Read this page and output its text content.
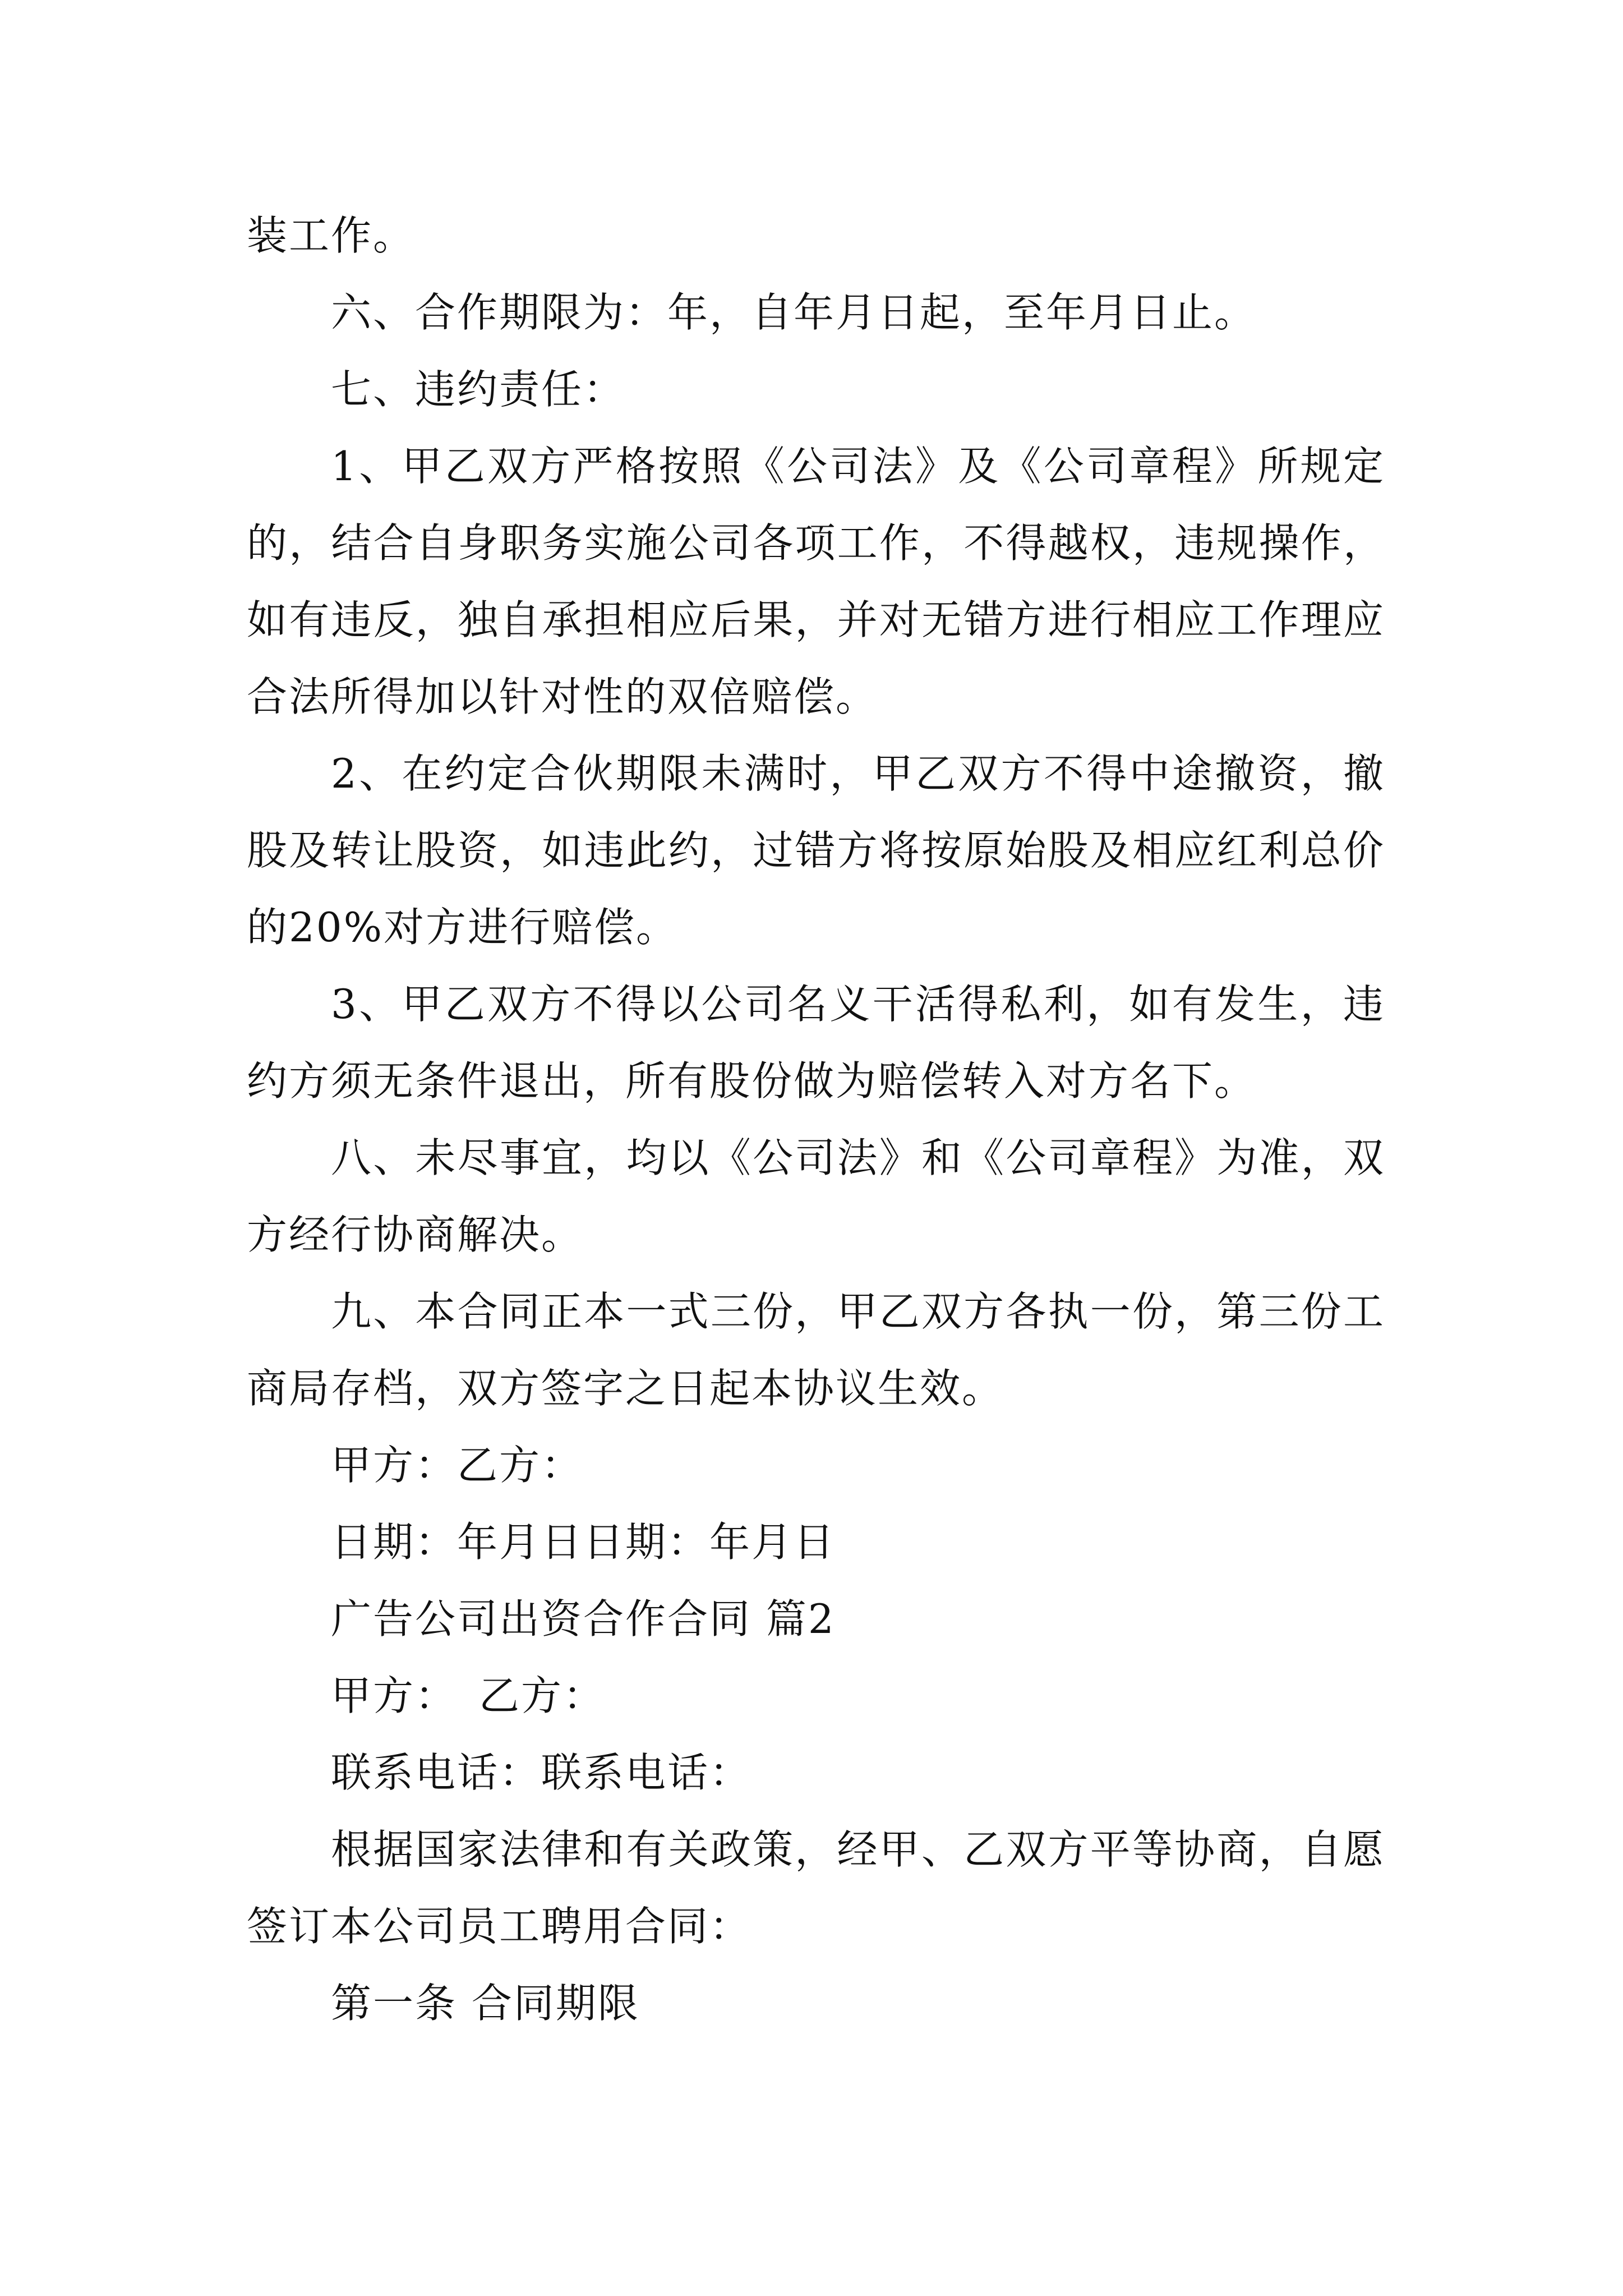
装工作。

六、合作期限为：年，自年月日起，至年月日止。

七、违约责任：

1、甲乙双方严格按照《公司法》及《公司章程》所规定的，结合自身职务实施公司各项工作，不得越权，违规操作，如有违反，独自承担相应后果，并对无错方进行相应工作理应合法所得加以针对性的双倍赔偿。

2、在约定合伙期限未满时，甲乙双方不得中途撤资，撤股及转让股资，如违此约，过错方将按原始股及相应红利总价的20%对方进行赔偿。

3、甲乙双方不得以公司名义干活得私利，如有发生，违约方须无条件退出，所有股份做为赔偿转入对方名下。

八、未尽事宜，均以《公司法》和《公司章程》为准，双方经行协商解决。

九、本合同正本一式三份，甲乙双方各执一份，第三份工商局存档，双方签字之日起本协议生效。

甲方：乙方：

日期：年月日日期：年月日

广告公司出资合作合同 篇2

甲方：　乙方：

联系电话：联系电话：

根据国家法律和有关政策，经甲、乙双方平等协商，自愿签订本公司员工聘用合同：

第一条 合同期限
